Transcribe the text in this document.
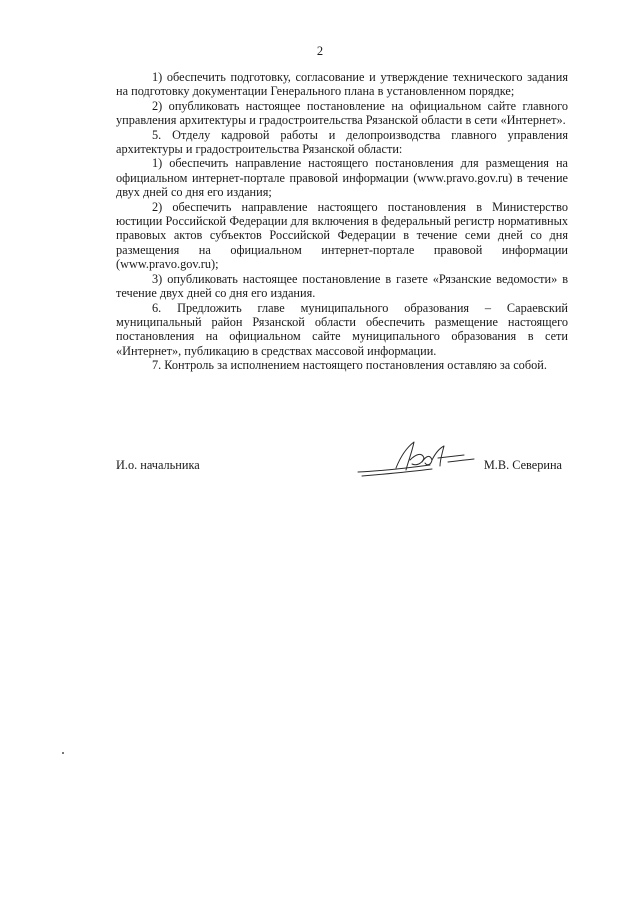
2

1) обеспечить подготовку, согласование и утверждение технического задания на подготовку документации Генерального плана в установленном порядке;

2) опубликовать настоящее постановление на официальном сайте главного управления архитектуры и градостроительства Рязанской области в сети «Интернет».

5. Отделу кадровой работы и делопроизводства главного управления архитектуры и градостроительства Рязанской области:

1) обеспечить направление настоящего постановления для размещения на официальном интернет-портале правовой информации (www.pravo.gov.ru) в течение двух дней со дня его издания;

2) обеспечить направление настоящего постановления в Министерство юстиции Российской Федерации для включения в федеральный регистр нормативных правовых актов субъектов Российской Федерации в течение семи дней со дня размещения на официальном интернет-портале правовой информации (www.pravo.gov.ru);

3) опубликовать настоящее постановление в газете «Рязанские ведомости» в течение двух дней со дня его издания.

6. Предложить главе муниципального образования – Сараевский муниципальный район Рязанской области обеспечить размещение настоящего постановления на официальном сайте муниципального образования в сети «Интернет», публикацию в средствах массовой информации.

7. Контроль за исполнением настоящего постановления оставляю за собой.

И.о. начальника	М.В. Северина
